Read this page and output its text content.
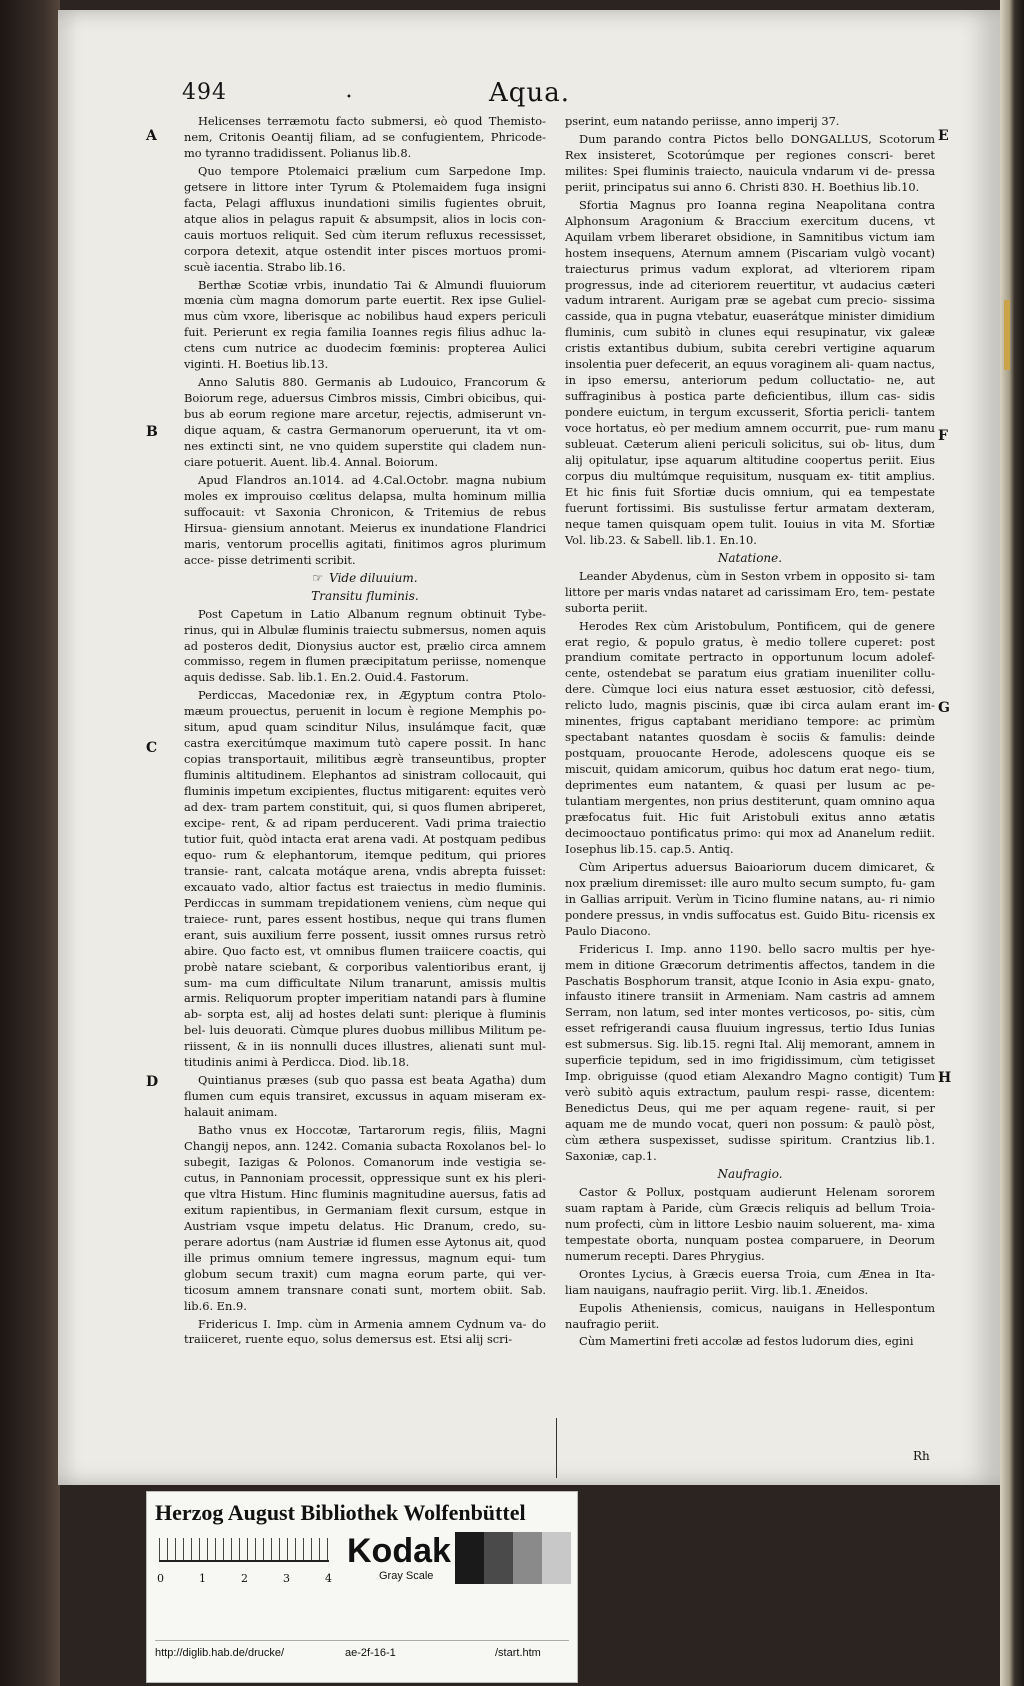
494	•	Aqua.
A
B
C
D
E
F
G
H

Helicenses terræmotu facto submersi, eò quod Themisto- nem, Critonis Oeantij filiam, ad se confugientem, Phricode- mo tyranno tradidissent. Polianus lib.8.

Quo tempore Ptolemaici prælium cum Sarpedone Imp. getsere in littore inter Tyrum & Ptolemaidem fuga insigni facta, Pelagi affluxus inundationi similis fugientes obruit, atque alios in pelagus rapuit & absumpsit, alios in locis con- cauis mortuos reliquit. Sed cùm iterum refluxus recessisset, corpora detexit, atque ostendit inter pisces mortuos promi- scuè iacentia. Strabo lib.16.

Berthæ Scotiæ vrbis, inundatio Tai & Almundi fluuiorum mœnia cùm magna domorum parte euertit. Rex ipse Guliel- mus cùm vxore, liberisque ac nobilibus haud expers periculi fuit. Perierunt ex regia familia Ioannes regis filius adhuc la- ctens cum nutrice ac duodecim fœminis: propterea Aulici viginti. H. Boetius lib.13.

Anno Salutis 880. Germanis ab Ludouico, Francorum & Boiorum rege, aduersus Cimbros missis, Cimbri obicibus, qui- bus ab eorum regione mare arcetur, rejectis, admiserunt vn- dique aquam, & castra Germanorum operuerunt, ita vt om- nes extincti sint, ne vno quidem superstite qui cladem nun- ciare potuerit. Auent. lib.4. Annal. Boiorum.

Apud Flandros an.1014. ad 4.Cal.Octobr. magna nubium moles ex improuiso cœlitus delapsa, multa hominum millia suffocauit: vt Saxonia Chronicon, & Tritemius de rebus Hirsua- giensium annotant. Meierus ex inundatione Flandrici maris, ventorum procellis agitati, finitimos agros plurimum acce- pisse detrimenti scribit.

☞ Vide diluuium.
Transitu fluminis.

Post Capetum in Latio Albanum regnum obtinuit Tybe- rinus, qui in Albulæ fluminis traiectu submersus, nomen aquis ad posteros dedit, Dionysius auctor est, prælio circa amnem commisso, regem in flumen præcipitatum periisse, nomenque aquis dedisse. Sab. lib.1. En.2. Ouid.4. Fastorum.

Perdiccas, Macedoniæ rex, in Ægyptum contra Ptolo- mæum prouectus, peruenit in locum è regione Memphis po- situm, apud quam scinditur Nilus, insulámque facit, quæ castra exercitúmque maximum tutò capere possit. In hanc copias transportauit, militibus ægrè transeuntibus, propter fluminis altitudinem. Elephantos ad sinistram collocauit, qui fluminis impetum excipientes, fluctus mitigarent: equites verò ad dex- tram partem constituit, qui, si quos flumen abriperet, excipe- rent, & ad ripam perducerent. Vadi prima traiectio tutior fuit, quòd intacta erat arena vadi. At postquam pedibus equo- rum & elephantorum, itemque peditum, qui priores transie- rant, calcata motáque arena, vndis abrepta fuisset: excauato vado, altior factus est traiectus in medio fluminis. Perdiccas in summam trepidationem veniens, cùm neque qui traiece- runt, pares essent hostibus, neque qui trans flumen erant, suis auxilium ferre possent, iussit omnes rursus retrò abire. Quo facto est, vt omnibus flumen traiicere coactis, qui probè natare sciebant, & corporibus valentioribus erant, ij sum- ma cum difficultate Nilum tranarunt, amissis multis armis. Reliquorum propter imperitiam natandi pars à flumine ab- sorpta est, alij ad hostes delati sunt: plerique à fluminis bel- luis deuorati. Cùmque plures duobus millibus Militum pe- riissent, & in iis nonnulli duces illustres, alienati sunt mul- titudinis animi à Perdicca. Diod. lib.18.

Quintianus præses (sub quo passa est beata Agatha) dum flumen cum equis transiret, excussus in aquam miseram ex- halauit animam.

Batho vnus ex Hoccotæ, Tartarorum regis, filiis, Magni Changij nepos, ann. 1242. Comania subacta Roxolanos bel- lo subegit, Iazigas & Polonos. Comanorum inde vestigia se- cutus, in Pannoniam processit, oppressique sunt ex his pleri- que vltra Histum. Hinc fluminis magnitudine auersus, fatis ad exitum rapientibus, in Germaniam flexit cursum, estque in Austriam vsque impetu delatus. Hic Dranum, credo, su- perare adortus (nam Austriæ id flumen esse Aytonus ait, quod ille primus omnium temere ingressus, magnum equi- tum globum secum traxit) cum magna eorum parte, qui ver- ticosum amnem transnare conati sunt, mortem obiit. Sab. lib.6. En.9.

Fridericus I. Imp. cùm in Armenia amnem Cydnum va- do traiiceret, ruente equo, solus demersus est. Etsi alij scri-

pserint, eum natando periisse, anno imperij 37.

Dum parando contra Pictos bello DONGALLUS, Scotorum Rex insisteret, Scotorúmque per regiones conscri- beret milites: Spei fluminis traiecto, nauicula vndarum vi de- pressa periit, principatus sui anno 6. Christi 830. H. Boethius lib.10.

Sfortia Magnus pro Ioanna regina Neapolitana contra Alphonsum Aragonium & Braccium exercitum ducens, vt Aquilam vrbem liberaret obsidione, in Samnitibus victum iam hostem insequens, Aternum amnem (Piscariam vulgò vocant) traiecturus primus vadum explorat, ad vlteriorem ripam progressus, inde ad citeriorem reuertitur, vt audacius cæteri vadum intrarent. Aurigam præ se agebat cum precio- sissima casside, qua in pugna vtebatur, euaserátque minister dimidium fluminis, cum subitò in clunes equi resupinatur, vix galeæ cristis extantibus dubium, subita cerebri vertigine aquarum insolentia puer defecerit, an equus voraginem ali- quam nactus, in ipso emersu, anteriorum pedum colluctatio- ne, aut suffraginibus à postica parte deficientibus, illum cas- sidis pondere euictum, in tergum excusserit, Sfortia pericli- tantem voce hortatus, eò per medium amnem occurrit, pue- rum manu subleuat. Cæterum alieni periculi solicitus, sui ob- litus, dum alij opitulatur, ipse aquarum altitudine coopertus periit. Eius corpus diu multúmque requisitum, nusquam ex- titit amplius. Et hic finis fuit Sfortiæ ducis omnium, qui ea tempestate fuerunt fortissimi. Bis sustulisse fertur armatam dexteram, neque tamen quisquam opem tulit. Iouius in vita M. Sfortiæ Vol. lib.23. & Sabell. lib.1. En.10.

Natatione.

Leander Abydenus, cùm in Seston vrbem in opposito si- tam littore per maris vndas nataret ad carissimam Ero, tem- pestate suborta periit.

Herodes Rex cùm Aristobulum, Pontificem, qui de genere erat regio, & populo gratus, è medio tollere cuperet: post prandium comitate pertracto in opportunum locum adolef- cente, ostendebat se paratum eius gratiam inueniliter collu- dere. Cùmque loci eius natura esset æstuosior, citò defessi, relicto ludo, magnis piscinis, quæ ibi circa aulam erant im- minentes, frigus captabant meridiano tempore: ac primùm spectabant natantes quosdam è sociis & famulis: deinde postquam, prouocante Herode, adolescens quoque eis se miscuit, quidam amicorum, quibus hoc datum erat nego- tium, deprimentes eum natantem, & quasi per lusum ac pe- tulantiam mergentes, non prius destiterunt, quam omnino aqua præfocatus fuit. Hic fuit Aristobuli exitus anno ætatis decimooctauo pontificatus primo: qui mox ad Ananelum rediit. Iosephus lib.15. cap.5. Antiq.

Cùm Aripertus aduersus Baioariorum ducem dimicaret, & nox prælium diremisset: ille auro multo secum sumpto, fu- gam in Gallias arripuit. Verùm in Ticino flumine natans, au- ri nimio pondere pressus, in vndis suffocatus est. Guido Bitu- ricensis ex Paulo Diacono.

Fridericus I. Imp. anno 1190. bello sacro multis per hye- mem in ditione Græcorum detrimentis affectos, tandem in die Paschatis Bosphorum transit, atque Iconio in Asia expu- gnato, infausto itinere transiit in Armeniam. Nam castris ad amnem Serram, non latum, sed inter montes verticosos, po- sitis, cùm esset refrigerandi causa fluuium ingressus, tertio Idus Iunias est submersus. Sig. lib.15. regni Ital. Alij memorant, amnem in superficie tepidum, sed in imo frigidissimum, cùm tetigisset Imp. obriguisse (quod etiam Alexandro Magno contigit) Tum verò subitò aquis extractum, paulum respi- rasse, dicentem: Benedictus Deus, qui me per aquam regene- rauit, si per aquam me de mundo vocat, queri non possum: & paulò pòst, cùm æthera suspexisset, sudisse spiritum. Crantzius lib.1. Saxoniæ, cap.1.

Naufragio.

Castor & Pollux, postquam audierunt Helenam sororem suam raptam à Paride, cùm Græcis reliquis ad bellum Troia- num profecti, cùm in littore Lesbio nauim soluerent, ma- xima tempestate oborta, nunquam postea comparuere, in Deorum numerum recepti. Dares Phrygius.

Orontes Lycius, à Græcis euersa Troia, cum Ænea in Ita- liam nauigans, naufragio periit. Virg. lib.1. Æneidos.

Eupolis Atheniensis, comicus, nauigans in Hellespontum naufragio periit.

Cùm Mamertini freti accolæ ad festos ludorum dies, egini

Rh
Herzog August Bibliothek Wolfenbüttel
0	1	2	3	4
Kodak
Gray Scale
http://diglib.hab.de/drucke/	ae-2f-16-1	/start.htm
